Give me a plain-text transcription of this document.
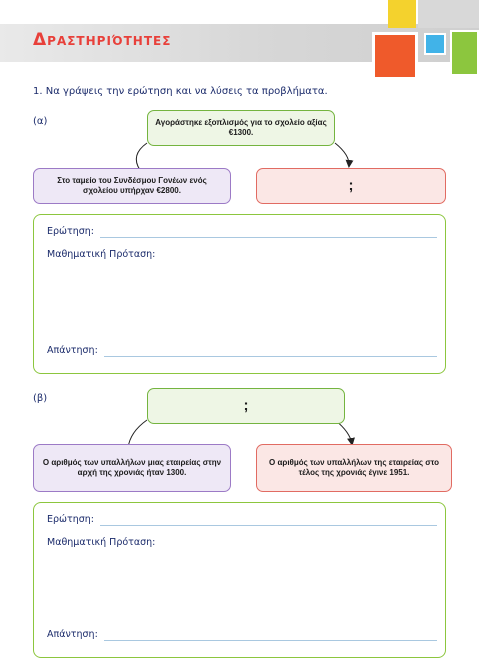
Δραστηριότητες
1. Να γράψεις την ερώτηση και να λύσεις τα προβλήματα.
(α)	Αγοράστηκε εξοπλισμός για το σχολείο αξίας €1300.
Στο ταμείο του Συνδέσμου Γονέων ενός σχολείου υπήρχαν €2800.	;
Ερώτηση:
Μαθηματική Πρόταση:
Απάντηση:
(β)	;
Ο αριθμός των υπαλλήλων μιας εταιρείας στην αρχή της χρονιάς ήταν 1300.
Ο αριθμός των υπαλλήλων της εταιρείας στο τέλος της χρονιάς έγινε 1951.
Ερώτηση:
Μαθηματική Πρόταση:
Απάντηση:
